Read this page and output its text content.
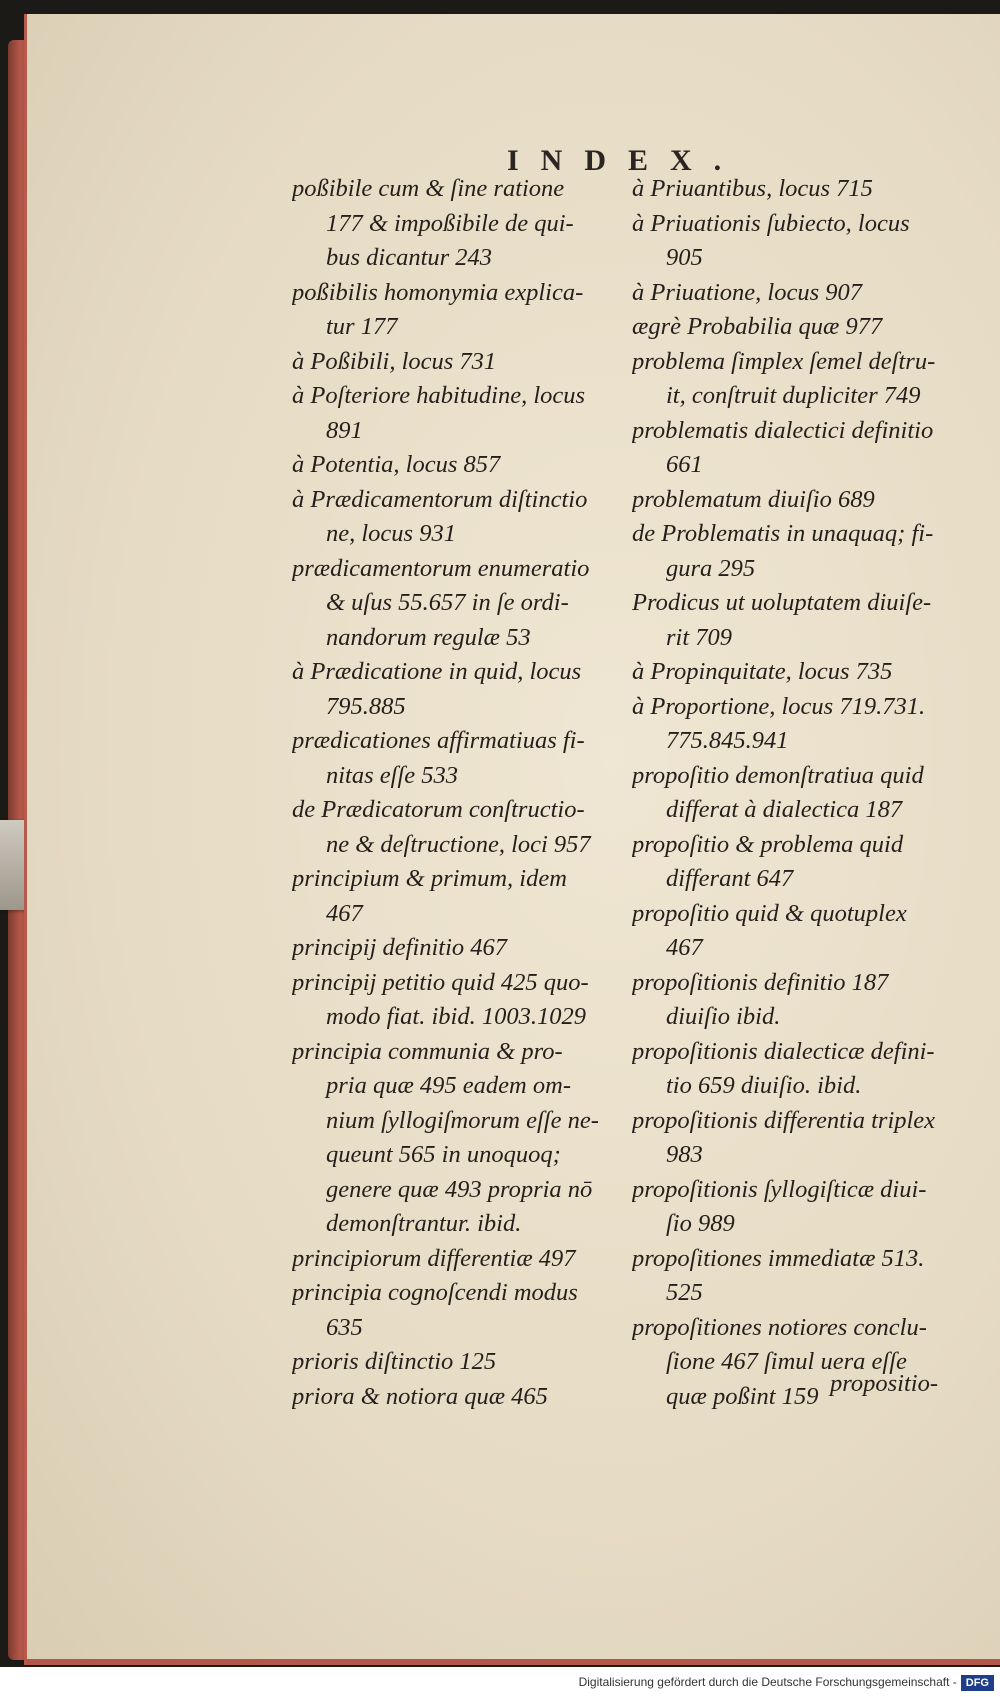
INDEX.
poßibile cum & ſine ratione
177 & impoßibile de qui-
bus dicantur 243
poßibilis homonymia explica-
tur 177
à Poßibili, locus 731
à Poſteriore habitudine, locus
891
à Potentia, locus 857
à Prædicamentorum diſtinctio
ne, locus 931
prædicamentorum enumeratio
& uſus 55.657 in ſe ordi-
nandorum regulæ 53
à Prædicatione in quid, locus
795.885
prædicationes affirmatiuas fi-
nitas eſſe 533
de Prædicatorum conſtructio-
ne & deſtructione, loci 957
principium & primum, idem
467
principij definitio 467
principij petitio quid 425 quo-
modo fiat. ibid. 1003.1029
principia communia & pro-
pria quæ 495 eadem om-
nium ſyllogiſmorum eſſe ne-
queunt 565 in unoquoq;
genere quæ 493 propria nō
demonſtrantur. ibid.
principiorum differentiæ 497
principia cognoſcendi modus
635
prioris diſtinctio 125
priora & notiora quæ 465
à Priuantibus, locus 715
à Priuationis ſubiecto, locus
905
à Priuatione, locus 907
ægrè Probabilia quæ 977
problema ſimplex ſemel deſtru-
it, conſtruit dupliciter 749
problematis dialectici definitio
661
problematum diuiſio 689
de Problematis in unaquaq; fi-
gura 295
Prodicus ut uoluptatem diuiſe-
rit 709
à Propinquitate, locus 735
à Proportione, locus 719.731.
775.845.941
propoſitio demonſtratiua quid
differat à dialectica 187
propoſitio & problema quid
differant 647
propoſitio quid & quotuplex
467
propoſitionis definitio 187
diuiſio ibid.
propoſitionis dialecticæ defini-
tio 659 diuiſio. ibid.
propoſitionis differentia triplex
983
propoſitionis ſyllogiſticæ diui-
ſio 989
propoſitiones immediatæ 513.
525
propoſitiones notiores conclu-
ſione 467 ſimul uera eſſe
quæ poßint 159 propositio-
Digitalisierung gefördert durch die Deutsche Forschungsgemeinschaft - DFG
